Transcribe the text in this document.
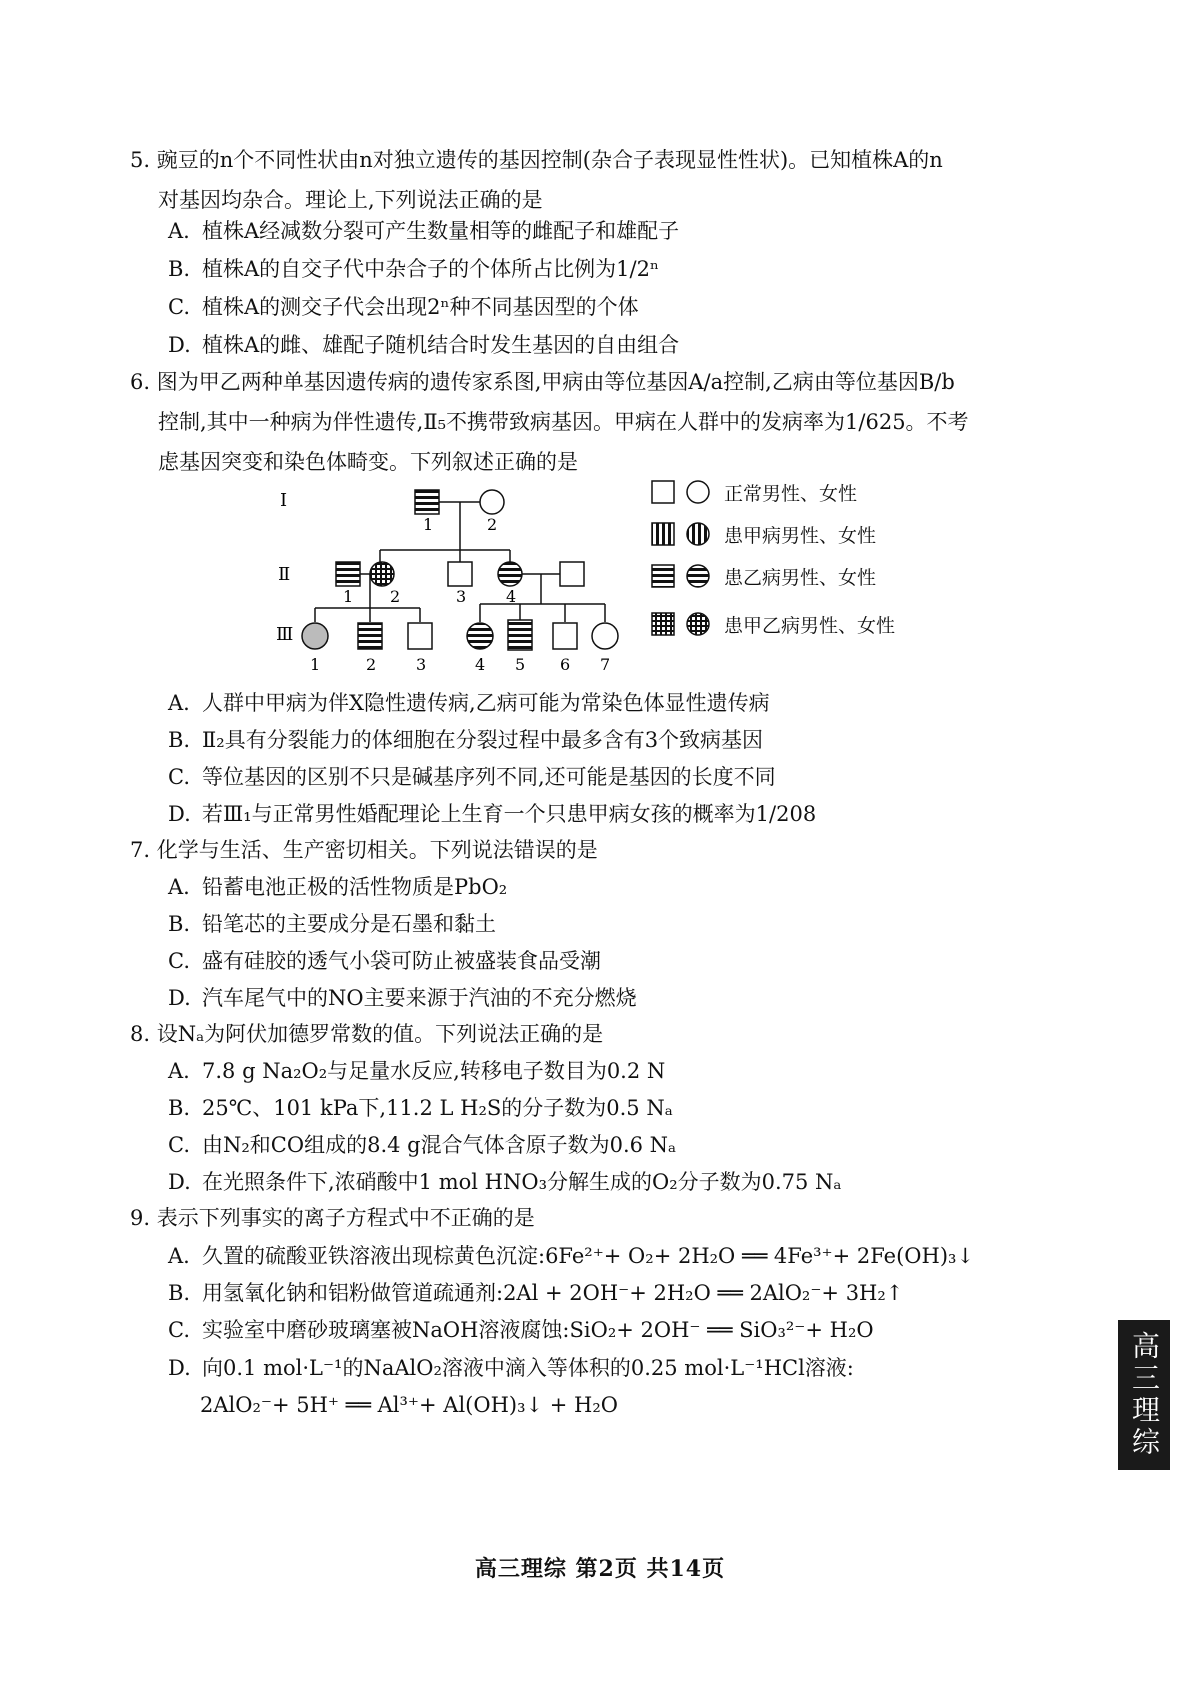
5. 豌豆的n个不同性状由n对独立遗传的基因控制(杂合子表现显性性状)。已知植株A的n
对基因均杂合。理论上,下列说法正确的是
A. 植株A经减数分裂可产生数量相等的雌配子和雄配子
B. 植株A的自交子代中杂合子的个体所占比例为1/2ⁿ
C. 植株A的测交子代会出现2ⁿ种不同基因型的个体
D. 植株A的雌、雄配子随机结合时发生基因的自由组合
6. 图为甲乙两种单基因遗传病的遗传家系图,甲病由等位基因A/a控制,乙病由等位基因B/b
控制,其中一种病为伴性遗传,Ⅱ₅不携带致病基因。甲病在人群中的发病率为1/625。不考
虑基因突变和染色体畸变。下列叙述正确的是
Ⅰ
Ⅱ
Ⅲ
1	2
1 2	3 4
1	2 3	4 5 6 7
正常男性、女性
患甲病男性、女性
患乙病男性、女性
患甲乙病男性、女性
A. 人群中甲病为伴X隐性遗传病,乙病可能为常染色体显性遗传病
B. Ⅱ₂具有分裂能力的体细胞在分裂过程中最多含有3个致病基因
C. 等位基因的区别不只是碱基序列不同,还可能是基因的长度不同
D. 若Ⅲ₁与正常男性婚配理论上生育一个只患甲病女孩的概率为1/208
7. 化学与生活、生产密切相关。下列说法错误的是
A. 铅蓄电池正极的活性物质是PbO₂
B. 铅笔芯的主要成分是石墨和黏土
C. 盛有硅胶的透气小袋可防止被盛装食品受潮
D. 汽车尾气中的NO主要来源于汽油的不充分燃烧
8. 设Nₐ为阿伏加德罗常数的值。下列说法正确的是
A. 7.8 g Na₂O₂与足量水反应,转移电子数目为0.2 N
B. 25℃、101 kPa下,11.2 L H₂S的分子数为0.5 Nₐ
C. 由N₂和CO组成的8.4 g混合气体含原子数为0.6 Nₐ
D. 在光照条件下,浓硝酸中1 mol HNO₃分解生成的O₂分子数为0.75 Nₐ
9. 表示下列事实的离子方程式中不正确的是
A. 久置的硫酸亚铁溶液出现棕黄色沉淀:6Fe²⁺+ O₂+ 2H₂O ══ 4Fe³⁺+ 2Fe(OH)₃↓
B. 用氢氧化钠和铝粉做管道疏通剂:2Al + 2OH⁻+ 2H₂O ══ 2AlO₂⁻+ 3H₂↑
C. 实验室中磨砂玻璃塞被NaOH溶液腐蚀:SiO₂+ 2OH⁻ ══ SiO₃²⁻+ H₂O
D. 向0.1 mol·L⁻¹的NaAlO₂溶液中滴入等体积的0.25 mol·L⁻¹HCl溶液:
2AlO₂⁻+ 5H⁺ ══ Al³⁺+ Al(OH)₃↓ + H₂O
高三理综 第2页 共14页
高三理综
